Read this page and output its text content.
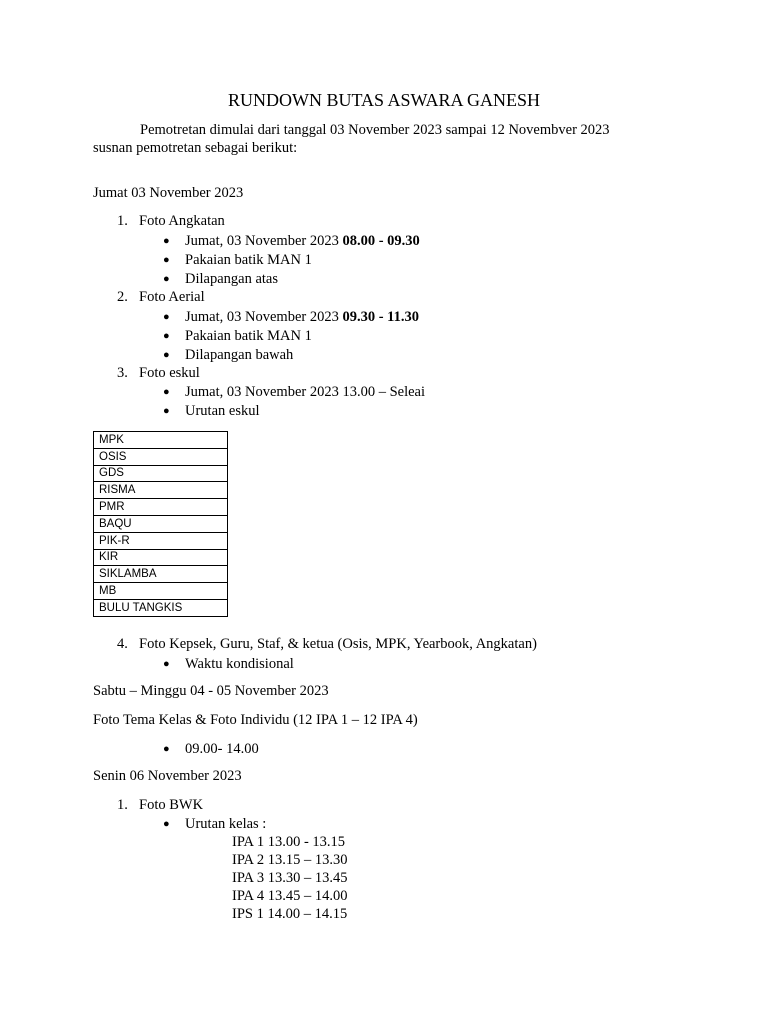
RUNDOWN BUTAS ASWARA GANESH
Pemotretan dimulai dari tanggal 03 November 2023 sampai 12 Novembver 2023
susnan pemotretan sebagai berikut:
Jumat 03 November 2023
1. Foto Angkatan
● Jumat, 03 November 2023 08.00 - 09.30
● Pakaian batik MAN 1
● Dilapangan atas
2. Foto Aerial
● Jumat, 03 November 2023 09.30 - 11.30
● Pakaian batik MAN 1
● Dilapangan bawah
3. Foto eskul
● Jumat, 03 November 2023 13.00 – Seleai
● Urutan eskul
MPK
OSIS
GDS
RISMA
PMR
BAQU
PIK-R
KIR
SIKLAMBA
MB
BULU TANGKIS
4. Foto Kepsek, Guru, Staf, & ketua (Osis, MPK, Yearbook, Angkatan)
● Waktu kondisional
Sabtu – Minggu 04 - 05 November 2023
Foto Tema Kelas & Foto Individu (12 IPA 1 – 12 IPA 4)
● 09.00- 14.00
Senin 06 November 2023
1. Foto BWK
● Urutan kelas :
IPA 1 13.00 - 13.15
IPA 2 13.15 – 13.30
IPA 3 13.30 – 13.45
IPA 4 13.45 – 14.00
IPS 1 14.00 – 14.15
